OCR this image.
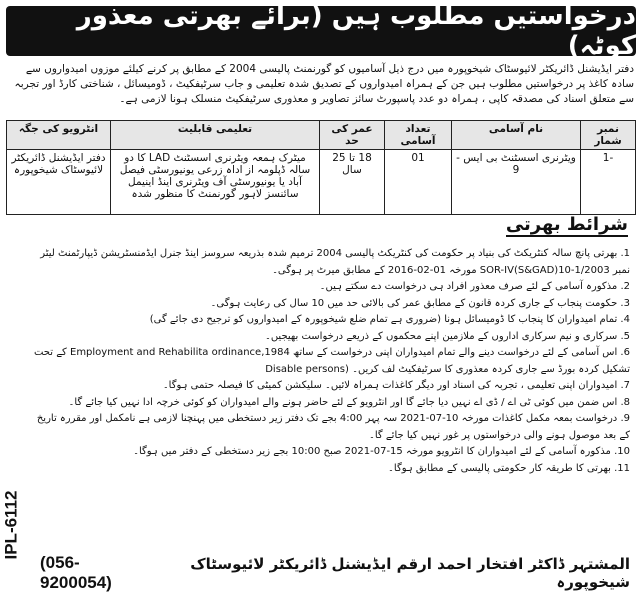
درخواستیں مطلوب ہیں (برائے بھرتی معذور کوٹہ)
دفتر ایڈیشنل ڈائریکٹر لائیوسٹاک شیخوپورہ میں درج ذیل آسامیوں کو گورنمنٹ پالیسی 2004 کے مطابق پر کرنے کیلئے موزوں امیدواروں سے سادہ کاغذ پر درخواستیں مطلوب ہیں جن کے ہمراہ امیدواروں کے تصدیق شدہ تعلیمی و جاب سرٹیفکیٹ ، ڈومیسائل ، شناختی کارڈ اور تجربہ سے متعلق اسناد کی مصدقہ کاپی ، ہمراہ دو عدد پاسپورٹ سائز تصاویر و معذوری سرٹیفکیٹ منسلک ہونا لازمی ہے۔
نمبر شمار	نام آسامی	تعداد آسامی	عمر کی حد	تعلیمی قابلیت	انٹرویو کی جگہ
-1	ویٹرنری اسسٹنٹ بی ایس - 9	01	18 تا 25 سال	میٹرک ہمعہ ویٹرنری اسسٹنٹ LAD کا دو سالہ ڈپلومہ از اداہ زرعی یونیورسٹی فیصل آباد یا یونیورسٹی آف ویٹرنری اینڈ اینیمل سائنسز لاہور گورنمنٹ کا منظور شدہ	دفتر ایڈیشنل ڈائریکٹر لائیوسٹاک شیخوپورہ
شرائط بھرتی
1. بھرتی پانچ سالہ کنٹریکٹ کی بنیاد پر حکومت کی کنٹریکٹ پالیسی 2004 ترمیم شدہ بذریعہ سروسز اینڈ جنرل ایڈمنسٹریشن ڈیپارٹمنٹ لیٹر نمبر SOR-IV(S&GAD)10-1/2003 مورخہ 01-02-2016 کے مطابق میرٹ پر ہوگی۔
2. مذکورہ آسامی کے لئے صرف معذور افراد ہی درخواست دے سکتے ہیں۔
3. حکومت پنجاب کے جاری کردہ قانون کے مطابق عمر کی بالائی حد میں 10 سال کی رعایت ہوگی۔
4. تمام امیدواران کا پنجاب کا ڈومیسائل ہونا (ضروری ہے تمام ضلع شیخوپورہ کے امیدواروں کو ترجیح دی جائے گی)
5. سرکاری و نیم سرکاری اداروں کے ملازمین اپنے محکموں کے ذریعے درخواست بھیجیں۔
6. اس آسامی کے لئے درخواست دینے والے تمام امیدواران اپنی درخواست کے ساتھ Employment and Rehabilita ordinance,1984 کے تحت تشکیل کردہ بورڈ سے جاری کردہ معذوری کا سرٹیفکیٹ لف کریں۔ (Disable persons
7. امیدواران اپنی تعلیمی ، تجربہ کی اسناد اور دیگر کاغذات ہمراہ لائیں۔ سلیکشن کمیٹی کا فیصلہ حتمی ہوگا۔
8. اس ضمن میں کوئی ٹی اے / ڈی اے نہیں دیا جائے گا اور انٹرویو کے لئے حاضر ہونے والے امیدواران کو کوئی خرچہ ادا نہیں کیا جائے گا۔
9. درخواست بمعہ مکمل کاغذات مورخہ 10-07-2021 سہ پہر 4:00 بجے تک دفتر زیر دستخطی میں پہنچنا لازمی ہے نامکمل اور مقررہ تاریخ کے بعد موصول ہونے والی درخواستوں پر غور نہیں کیا جائے گا۔
10. مذکورہ آسامی کے لئے امیدواران کا انٹرویو مورخہ 15-07-2021 صبح 10:00 بجے زیر دستخطی کے دفتر میں ہوگا۔
11. بھرتی کا طریقہ کار حکومتی پالیسی کے مطابق ہوگا۔
IPL-6112
(056-9200054)
المشتہر ڈاکٹر افتخار احمد ارقم ایڈیشنل ڈائریکٹر لائیوسٹاک شیخوپورہ
